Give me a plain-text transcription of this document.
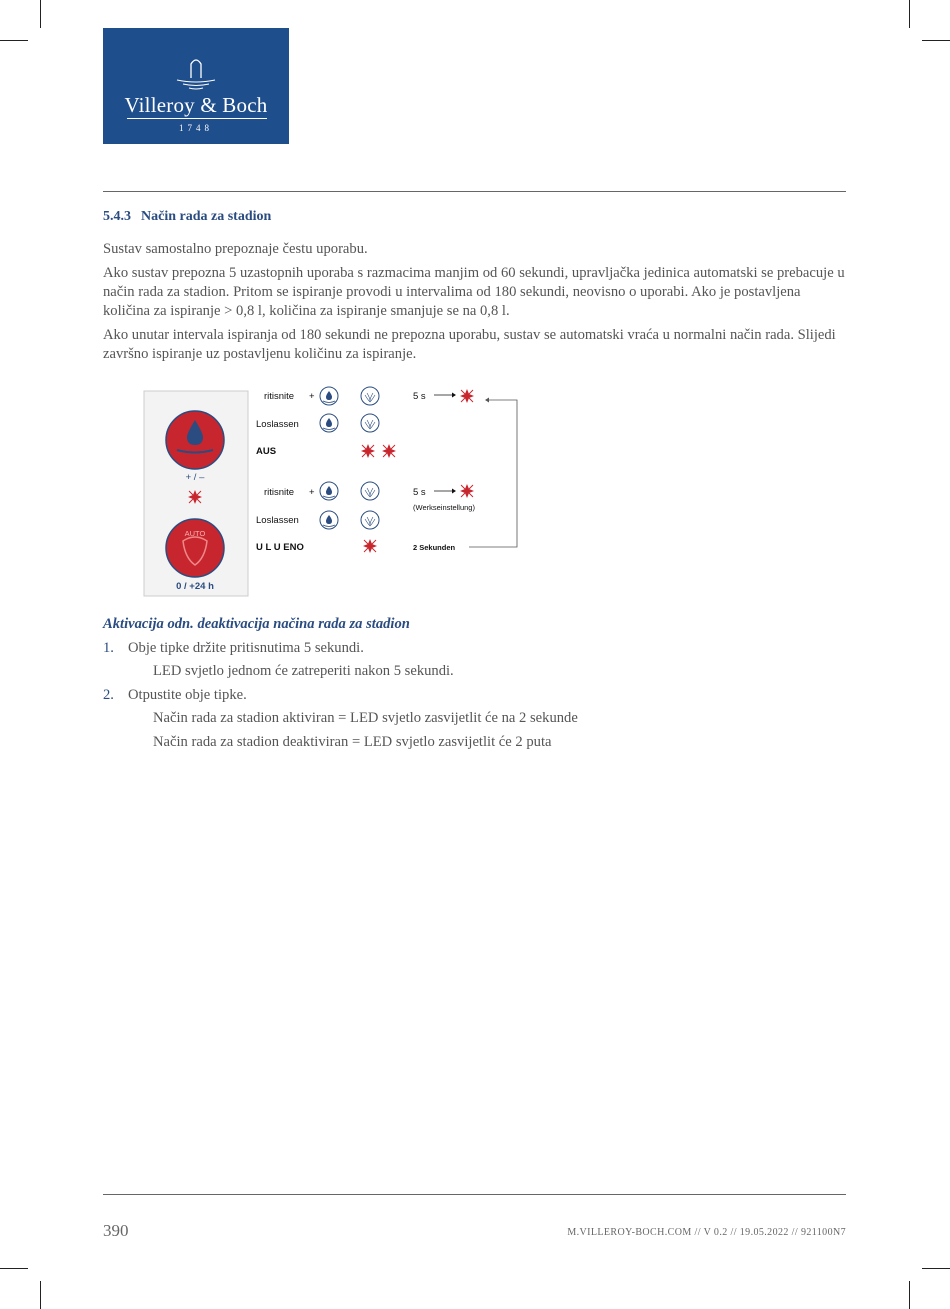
Villeroy & Boch
1748
5.4.3 Način rada za stadion
Sustav samostalno prepoznaje čestu uporabu.
Ako sustav prepozna 5 uzastopnih uporaba s razmacima manjim od 60 sekundi, upravljačka jedinica automatski se prebacuje u način rada za stadion. Pritom se ispiranje provodi u intervalima od 180 sekundi, neovisno o uporabi. Ako je postavljena količina za ispiranje > 0,8 l, količina za ispiranje smanjuje se na 0,8 l.
Ako unutar intervala ispiranja od 180 sekundi ne prepozna uporabu, sustav se automatski vraća u normalni način rada. Slijedi završno ispiranje uz postavljenu količinu za ispiranje.
+ / –
AUTO
0 / +24 h
ritisnite +	5 s
Loslassen
AUS
ritisnite +	5 s
(Werkseinstellung)
Loslassen
U L U ENO	2 Sekunden
Aktivacija odn. deaktivacija načina rada za stadion
1. Obje tipke držite pritisnutima 5 sekundi.
LED svjetlo jednom će zatreperiti nakon 5 sekundi.
2. Otpustite obje tipke.
Način rada za stadion aktiviran = LED svjetlo zasvijetlit će na 2 sekunde
Način rada za stadion deaktiviran = LED svjetlo zasvijetlit će 2 puta
390	M.VILLEROY-BOCH.COM // V 0.2 // 19.05.2022 // 921100N7
